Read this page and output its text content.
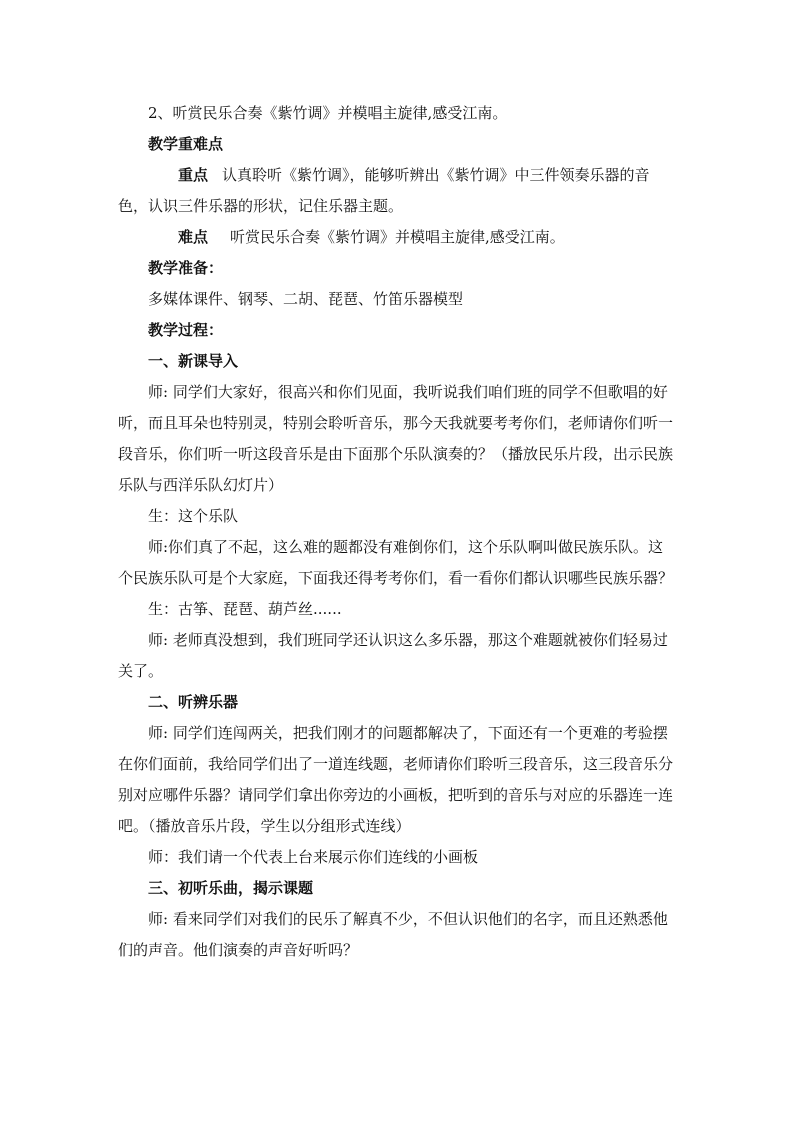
2、听赏民乐合奏《紫竹调》并模唱主旋律,感受江南。

教学重难点

重点 认真聆听《紫竹调》，能够听辨出《紫竹调》中三件领奏乐器的音色，认识三件乐器的形状，记住乐器主题。

难点 听赏民乐合奏《紫竹调》并模唱主旋律,感受江南。

教学准备：

多媒体课件、钢琴、二胡、琵琶、竹笛乐器模型

教学过程：

一、新课导入

师: 同学们大家好，很高兴和你们见面，我听说我们咱们班的同学不但歌唱的好听，而且耳朵也特别灵，特别会聆听音乐，那今天我就要考考你们，老师请你们听一段音乐，你们听一听这段音乐是由下面那个乐队演奏的？（播放民乐片段，出示民族乐队与西洋乐队幻灯片）

生：这个乐队

师:你们真了不起，这么难的题都没有难倒你们，这个乐队啊叫做民族乐队。这个民族乐队可是个大家庭，下面我还得考考你们，看一看你们都认识哪些民族乐器？

生：古筝、琵琶、葫芦丝......

师: 老师真没想到，我们班同学还认识这么多乐器，那这个难题就被你们轻易过关了。

二、听辨乐器

师: 同学们连闯两关，把我们刚才的问题都解决了，下面还有一个更难的考验摆在你们面前，我给同学们出了一道连线题，老师请你们聆听三段音乐，这三段音乐分别对应哪件乐器？请同学们拿出你旁边的小画板，把听到的音乐与对应的乐器连一连吧。（播放音乐片段，学生以分组形式连线）

师：我们请一个代表上台来展示你们连线的小画板

三、初听乐曲，揭示课题

师: 看来同学们对我们的民乐了解真不少，不但认识他们的名字，而且还熟悉他们的声音。他们演奏的声音好听吗？
